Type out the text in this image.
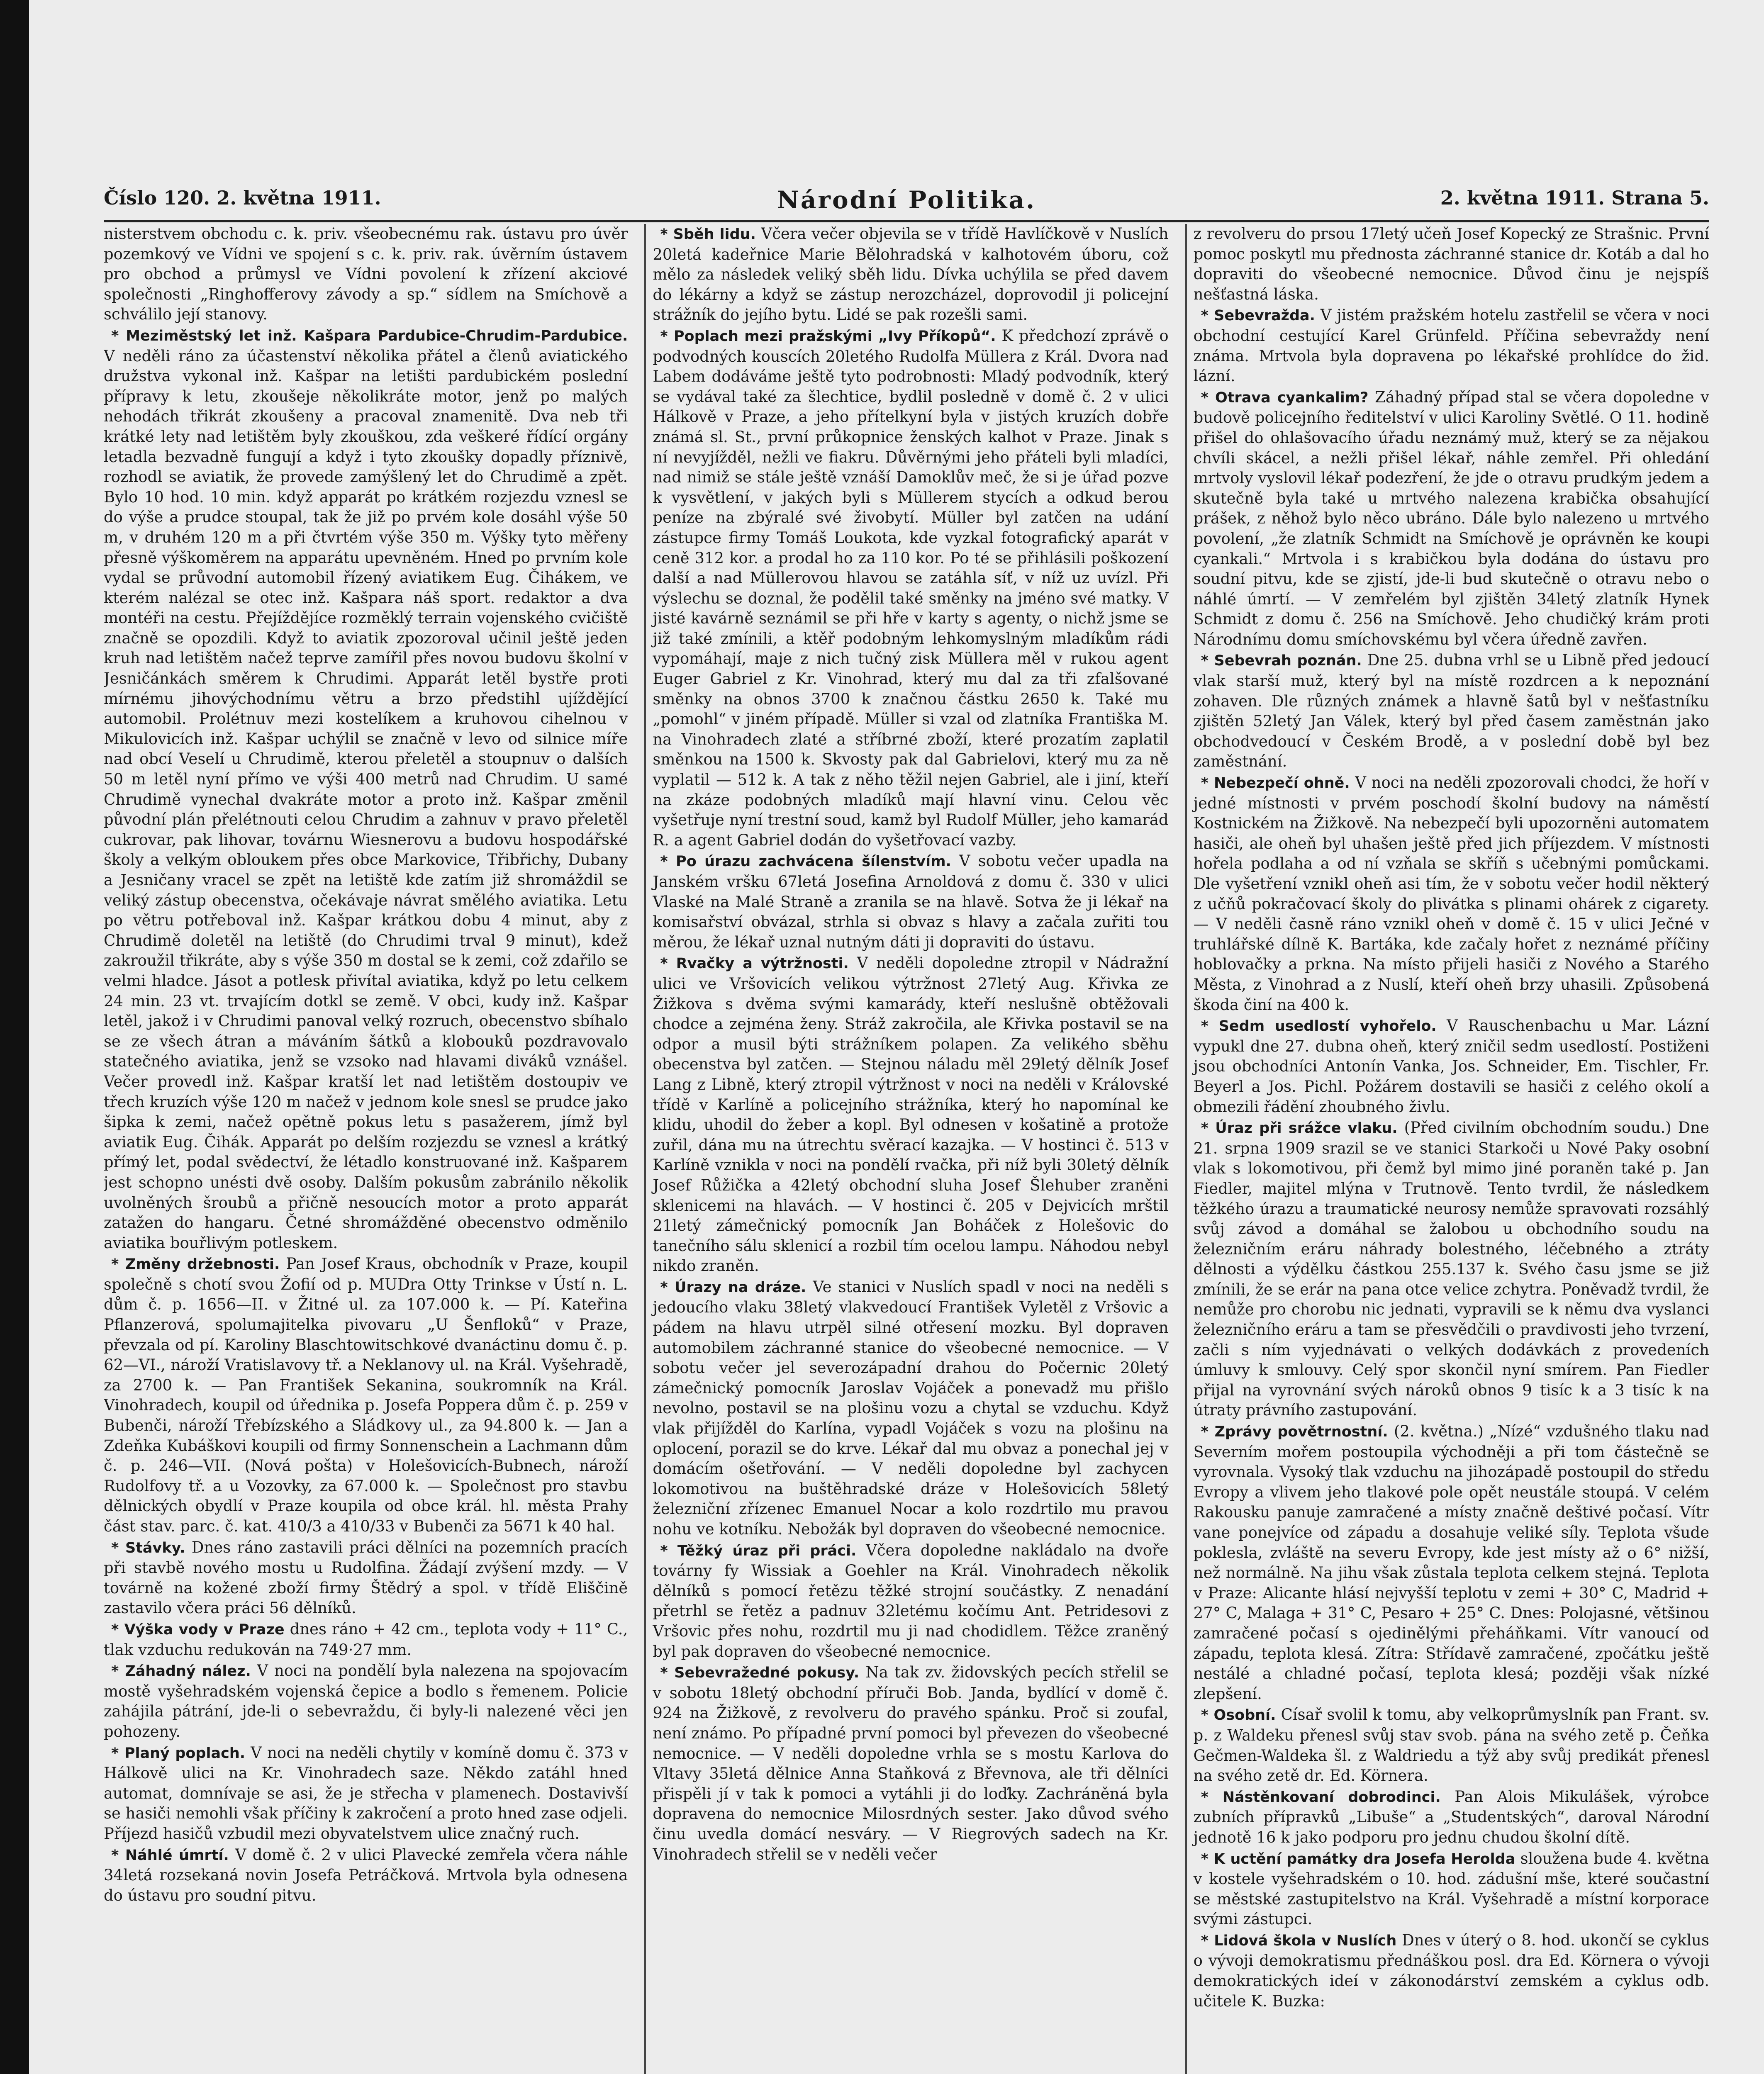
Číslo 120. 2. května 1911.	Národní Politika.	2. května 1911. Strana 5.

nisterstvem obchodu c. k. priv. všeobecnému rak. ústavu pro úvěr pozemkový ve Vídni ve spojení s c. k. priv. rak. úvěrním ústavem pro obchod a průmysl ve Vídni povolení k zřízení akciové společnosti „Ringhofferovy závody a sp.“ sídlem na Smíchově a schválilo její stanovy.

* Meziměstský let inž. Kašpara Pardubice-Chrudim-Pardubice. V neděli ráno za účastenství několika přátel a členů aviatického družstva vykonal inž. Kašpar na letišti pardubickém poslední přípravy k letu, zkoušeje několikráte motor, jenž po malých nehodách třikrát zkoušeny a pracoval znamenitě. Dva neb tři krátké lety nad letištěm byly zkouškou, zda veškeré řídící orgány letadla bezvadně fungují a když i tyto zkoušky dopadly příznivě, rozhodl se aviatik, že provede zamýšlený let do Chrudimě a zpět. Bylo 10 hod. 10 min. když apparát po krátkém rozjezdu vznesl se do výše a prudce stoupal, tak že již po prvém kole dosáhl výše 50 m, v druhém 120 m a při čtvrtém výše 350 m. Výšky tyto měřeny přesně výškoměrem na apparátu upevněném. Hned po prvním kole vydal se průvodní automobil řízený aviatikem Eug. Čihákem, ve kterém nalézal se otec inž. Kašpara náš sport. redaktor a dva montéři na cestu. Přejíždějíce rozměklý terrain vojenského cvičiště značně se opozdili. Když to aviatik zpozoroval učinil ještě jeden kruh nad letištěm načež teprve zamířil přes novou budovu školní v Jesničánkách směrem k Chrudimi. Apparát letěl bystře proti mírnému jihovýchodnímu větru a brzo předstihl ujíždějící automobil. Prolétnuv mezi kostelíkem a kruhovou cihelnou v Mikulovicích inž. Kašpar uchýlil se značně v levo od silnice míře nad obcí Veselí u Chrudimě, kterou přeletěl a stoupnuv o dalších 50 m letěl nyní přímo ve výši 400 metrů nad Chrudim. U samé Chrudimě vynechal dvakráte motor a proto inž. Kašpar změnil původní plán přelétnouti celou Chrudim a zahnuv v pravo přeletěl cukrovar, pak lihovar, továrnu Wiesnerovu a budovu hospodářské školy a velkým obloukem přes obce Markovice, Třibřichy, Dubany a Jesničany vracel se zpět na letiště kde zatím již shromáždil se veliký zástup obecenstva, očekávaje návrat smělého aviatika. Letu po větru potřeboval inž. Kašpar krátkou dobu 4 minut, aby z Chrudimě doletěl na letiště (do Chrudimi trval 9 minut), kdež zakroužil třikráte, aby s výše 350 m dostal se k zemi, což zdařilo se velmi hladce. Jásot a potlesk přivítal aviatika, když po letu celkem 24 min. 23 vt. trvajícím dotkl se země. V obci, kudy inž. Kašpar letěl, jakož i v Chrudimi panoval velký rozruch, obecenstvo sbíhalo se ze všech átran a máváním šátků a klobouků pozdravovalo statečného aviatika, jenž se vzsoko nad hlavami diváků vznášel. Večer provedl inž. Kašpar kratší let nad letištěm dostoupiv ve třech kruzích výše 120 m načež v jednom kole snesl se prudce jako šipka k zemi, načež opětně pokus letu s pasažerem, jímž byl aviatik Eug. Čihák. Apparát po delším rozjezdu se vznesl a krátký přímý let, podal svědectví, že létadlo konstruované inž. Kašparem jest schopno unésti dvě osoby. Dalším pokusům zabránilo několik uvolněných šroubů a přičně nesoucích motor a proto apparát zatažen do hangaru. Četné shromážděné obecenstvo odměnilo aviatika bouřlivým potleskem.

* Změny držebnosti. Pan Josef Kraus, obchodník v Praze, koupil společně s chotí svou Žofií od p. MUDra Otty Trinkse v Ústí n. L. dům č. p. 1656—II. v Žitné ul. za 107.000 k. — Pí. Kateřina Pflanzerová, spolumajitelka pivovaru „U Šenfloků“ v Praze, převzala od pí. Karoliny Blaschtowitschkové dvanáctinu domu č. p. 62—VI., nároží Vratislavovy tř. a Neklanovy ul. na Král. Vyšehradě, za 2700 k. — Pan František Sekanina, soukromník na Král. Vinohradech, koupil od úřednika p. Josefa Poppera dům č. p. 259 v Bubenči, nároží Třebízského a Sládkovy ul., za 94.800 k. — Jan a Zdeňka Kubáškovi koupili od firmy Sonnenschein a Lachmann dům č. p. 246—VII. (Nová pošta) v Holešovicích-Bubnech, nároží Rudolfovy tř. a u Vozovky, za 67.000 k. — Společnost pro stavbu dělnických obydlí v Praze koupila od obce král. hl. města Prahy část stav. parc. č. kat. 410/3 a 410/33 v Bubenči za 5671 k 40 hal.

* Stávky. Dnes ráno zastavili práci dělníci na pozemních pracích při stavbě nového mostu u Rudolfina. Žádají zvýšení mzdy. — V továrně na kožené zboží firmy Štědrý a spol. v třídě Eliščině zastavilo včera práci 56 dělníků.

* Výška vody v Praze dnes ráno + 42 cm., teplota vody + 11° C., tlak vzduchu redukován na 749·27 mm.

* Záhadný nález. V noci na pondělí byla nalezena na spojovacím mostě vyšehradském vojenská čepice a bodlo s řemenem. Policie zahájila pátrání, jde-li o sebevraždu, či byly-li nalezené věci jen pohozeny.

* Planý poplach. V noci na neděli chytily v komíně domu č. 373 v Hálkově ulici na Kr. Vinohradech saze. Někdo zatáhl hned automat, domnívaje se asi, že je střecha v plamenech. Dostavivší se hasiči nemohli však příčiny k zakročení a proto hned zase odjeli. Příjezd hasičů vzbudil mezi obyvatelstvem ulice značný ruch.

* Náhlé úmrtí. V domě č. 2 v ulici Plavecké zemřela včera náhle 34letá rozsekaná novin Josefa Petráčková. Mrtvola byla odnesena do ústavu pro soudní pitvu.

* Sběh lidu. Včera večer objevila se v třídě Havlíčkově v Nuslích 20letá kadeřnice Marie Bělohradská v kalhotovém úboru, což mělo za následek veliký sběh lidu. Dívka uchýlila se před davem do lékárny a když se zástup nerozcházel, doprovodil ji policejní strážník do jejího bytu. Lidé se pak rozešli sami.

* Poplach mezi pražskými „Ivy Příkopů“. K předchozí zprávě o podvodných kouscích 20letého Rudolfa Müllera z Král. Dvora nad Labem dodáváme ještě tyto podrobnosti: Mladý podvodník, který se vydával také za šlechtice, bydlil posledně v domě č. 2 v ulici Hálkově v Praze, a jeho přítelkyní byla v jistých kruzích dobře známá sl. St., první průkopnice ženských kalhot v Praze. Jinak s ní nevyjížděl, nežli ve fiakru. Důvěrnými jeho přáteli byli mladíci, nad nimiž se stále ještě vznáší Damoklův meč, že si je úřad pozve k vysvětlení, v jakých byli s Müllerem stycích a odkud berou peníze na zbýralé své živobytí. Müller byl zatčen na udání zástupce firmy Tomáš Loukota, kde vyzkal fotografický aparát v ceně 312 kor. a prodal ho za 110 kor. Po té se přihlásili poškození další a nad Müllerovou hlavou se zatáhla síť, v níž uz uvízl. Při výslechu se doznal, že podělil také směnky na jméno své matky. V jisté kavárně seznámil se při hře v karty s agenty, o nichž jsme se již také zmínili, a ktěř podobným lehkomyslným mladíkům rádi vypomáhají, maje z nich tučný zisk Müllera měl v rukou agent Euger Gabriel z Kr. Vinohrad, který mu dal za tři zfalšované směnky na obnos 3700 k značnou částku 2650 k. Také mu „pomohl“ v jiném případě. Müller si vzal od zlatníka Františka M. na Vinohradech zlaté a stříbrné zboží, které prozatím zaplatil směnkou na 1500 k. Skvosty pak dal Gabrielovi, který mu za ně vyplatil — 512 k. A tak z něho těžil nejen Gabriel, ale i jiní, kteří na zkáze podobných mladíků mají hlavní vinu. Celou věc vyšetřuje nyní trestní soud, kamž byl Rudolf Müller, jeho kamarád R. a agent Gabriel dodán do vyšetřovací vazby.

* Po úrazu zachvácena šílenstvím. V sobotu večer upadla na Janském vršku 67letá Josefina Arnoldová z domu č. 330 v ulici Vlaské na Malé Straně a zranila se na hlavě. Sotva že ji lékař na komisařství obvázal, strhla si obvaz s hlavy a začala zuřiti tou měrou, že lékař uznal nutným dáti ji dopraviti do ústavu.

* Rvačky a výtržnosti. V neděli dopoledne ztropil v Nádražní ulici ve Vršovicích velikou výtržnost 27letý Aug. Křivka ze Žižkova s dvěma svými kamarády, kteří neslušně obtěžovali chodce a zejména ženy. Stráž zakročila, ale Křivka postavil se na odpor a musil býti strážníkem polapen. Za velikého sběhu obecenstva byl zatčen. — Stejnou náladu měl 29letý dělník Josef Lang z Libně, který ztropil výtržnost v noci na neděli v Královské třídě v Karlíně a policejního strážníka, který ho napomínal ke klidu, uhodil do žeber a kopl. Byl odnesen v košatině a protože zuřil, dána mu na útrechtu svěrací kazajka. — V hostinci č. 513 v Karlíně vznikla v noci na pondělí rvačka, při níž byli 30letý dělník Josef Růžička a 42letý obchodní sluha Josef Šlehuber zraněni sklenicemi na hlavách. — V hostinci č. 205 v Dejvicích mrštil 21letý zámečnický pomocník Jan Boháček z Holešovic do tanečního sálu sklenicí a rozbil tím ocelou lampu. Náhodou nebyl nikdo zraněn.

* Úrazy na dráze. Ve stanici v Nuslích spadl v noci na neděli s jedoucího vlaku 38letý vlakvedoucí František Vyletěl z Vršovic a pádem na hlavu utrpěl silné otřesení mozku. Byl dopraven automobilem záchranné stanice do všeobecné nemocnice. — V sobotu večer jel severozápadní drahou do Počernic 20letý zámečnický pomocník Jaroslav Vojáček a ponevadž mu přišlo nevolno, postavil se na plošinu vozu a chytal se vzduchu. Když vlak přijížděl do Karlína, vypadl Vojáček s vozu na plošinu na oplocení, porazil se do krve. Lékař dal mu obvaz a ponechal jej v domácím ošetřování. — V neděli dopoledne byl zachycen lokomotivou na buštěhradské dráze v Holešovicích 58letý železniční zřízenec Emanuel Nocar a kolo rozdrtilo mu pravou nohu ve kotníku. Nebožák byl dopraven do všeobecné nemocnice.

* Těžký úraz při práci. Včera dopoledne nakládalo na dvoře továrny fy Wissiak a Goehler na Král. Vinohradech několik dělníků s pomocí řetězu těžké strojní součástky. Z nenadání přetrhl se řetěz a padnuv 32letému kočímu Ant. Petridesovi z Vršovic přes nohu, rozdrtil mu ji nad chodidlem. Těžce zraněný byl pak dopraven do všeobecné nemocnice.

* Sebevražedné pokusy. Na tak zv. židovských pecích střelil se v sobotu 18letý obchodní příruči Bob. Janda, bydlící v domě č. 924 na Žižkově, z revolveru do pravého spánku. Proč si zoufal, není známo. Po případné první pomoci byl převezen do všeobecné nemocnice. — V neděli dopoledne vrhla se s mostu Karlova do Vltavy 35letá dělnice Anna Staňková z Břevnova, ale tři dělníci přispěli jí v tak k pomoci a vytáhli ji do loďky. Zachráněná byla dopravena do nemocnice Milosrdných sester. Jako důvod svého činu uvedla domácí nesváry. — V Riegrových sadech na Kr. Vinohradech střelil se v neděli večer

z revolveru do prsou 17letý učeň Josef Kopecký ze Strašnic. První pomoc poskytl mu přednosta záchranné stanice dr. Kotáb a dal ho dopraviti do všeobecné nemocnice. Důvod činu je nejspíš nešťastná láska.

* Sebevražda. V jistém pražském hotelu zastřelil se včera v noci obchodní cestující Karel Grünfeld. Příčina sebevraždy není známa. Mrtvola byla dopravena po lékařské prohlídce do žid. lázní.

* Otrava cyankalim? Záhadný případ stal se včera dopoledne v budově policejního ředitelství v ulici Karoliny Světlé. O 11. hodině přišel do ohlašovacího úřadu neznámý muž, který se za nějakou chvíli skácel, a nežli přišel lékař, náhle zemřel. Při ohledání mrtvoly vyslovil lékař podezření, že jde o otravu prudkým jedem a skutečně byla také u mrtvého nalezena krabička obsahující prášek, z něhož bylo něco ubráno. Dále bylo nalezeno u mrtvého povolení, „že zlatník Schmidt na Smíchově je oprávněn ke koupi cyankali.“ Mrtvola i s krabičkou byla dodána do ústavu pro soudní pitvu, kde se zjistí, jde-li bud skutečně o otravu nebo o náhlé úmrtí. — V zemřelém byl zjištěn 34letý zlatník Hynek Schmidt z domu č. 256 na Smíchově. Jeho chudičký krám proti Národnímu domu smíchovskému byl včera úředně zavřen.

* Sebevrah poznán. Dne 25. dubna vrhl se u Libně před jedoucí vlak starší muž, který byl na místě rozdrcen a k nepoznání zohaven. Dle různých známek a hlavně šatů byl v nešťastníku zjištěn 52letý Jan Válek, který byl před časem zaměstnán jako obchodvedoucí v Českém Brodě, a v poslední době byl bez zaměstnání.

* Nebezpečí ohně. V noci na neděli zpozorovali chodci, že hoří v jedné místnosti v prvém poschodí školní budovy na náměstí Kostnickém na Žižkově. Na nebezpečí byli upozorněni automatem hasiči, ale oheň byl uhašen ještě před jich příjezdem. V místnosti hořela podlaha a od ní vzňala se skříň s učebnými pomůckami. Dle vyšetření vznikl oheň asi tím, že v sobotu večer hodil některý z učňů pokračovací školy do plivátka s plinami ohárek z cigarety. — V neděli časně ráno vznikl oheň v domě č. 15 v ulici Ječné v truhlářské dílně K. Bartáka, kde začaly hořet z neznámé příčiny hoblovačky a prkna. Na místo přijeli hasiči z Nového a Starého Města, z Vinohrad a z Nuslí, kteří oheň brzy uhasili. Způsobená škoda činí na 400 k.

* Sedm usedlostí vyhořelo. V Rauschenbachu u Mar. Lázní vypukl dne 27. dubna oheň, který zničil sedm usedlostí. Postiženi jsou obchodníci Antonín Vanka, Jos. Schneider, Em. Tischler, Fr. Beyerl a Jos. Pichl. Požárem dostavili se hasiči z celého okolí a obmezili řádění zhoubného živlu.

* Úraz při srážce vlaku. (Před civilním obchodním soudu.) Dne 21. srpna 1909 srazil se ve stanici Starkoči u Nové Paky osobní vlak s lokomotivou, při čemž byl mimo jiné poraněn také p. Jan Fiedler, majitel mlýna v Trutnově. Tento tvrdil, že následkem těžkého úrazu a traumatické neurosy nemůže spravovati rozsáhlý svůj závod a domáhal se žalobou u obchodního soudu na železničním eráru náhrady bolestného, léčebného a ztráty dělnosti a výdělku částkou 255.137 k. Svého času jsme se již zmínili, že se erár na pana otce velice zchytra. Poněvadž tvrdil, že nemůže pro chorobu nic jednati, vypravili se k němu dva vyslanci železničního eráru a tam se přesvědčili o pravdivosti jeho tvrzení, začli s ním vyjednávati o velkých dodávkách z provedeních úmluvy k smlouvy. Celý spor skončil nyní smírem. Pan Fiedler přijal na vyrovnání svých nároků obnos 9 tisíc k a 3 tisíc k na útraty právního zastupování.

* Zprávy povětrnostní. (2. května.) „Nízé“ vzdušného tlaku nad Severním mořem postoupila východněji a při tom částečně se vyrovnala. Vysoký tlak vzduchu na jihozápadě postoupil do středu Evropy a vlivem jeho tlakové pole opět neustále stoupá. V celém Rakousku panuje zamračené a místy značně deštivé počasí. Vítr vane ponejvíce od západu a dosahuje veliké síly. Teplota všude poklesla, zvláště na severu Evropy, kde jest místy až o 6° nižší, než normálně. Na jihu však zůstala teplota celkem stejná. Teplota v Praze: Alicante hlásí nejvyšší teplotu v zemi + 30° C, Madrid + 27° C, Malaga + 31° C, Pesaro + 25° C. Dnes: Polojasné, většinou zamračené počasí s ojedinělými přeháňkami. Vítr vanoucí od západu, teplota klesá. Zítra: Střídavě zamračené, zpočátku ještě nestálé a chladné počasí, teplota klesá; později však nízké zlepšení.

* Osobní. Císař svolil k tomu, aby velkoprůmyslník pan Frant. sv. p. z Waldeku přenesl svůj stav svob. pána na svého zetě p. Čeňka Gečmen-Waldeka šl. z Waldriedu a týž aby svůj predikát přenesl na svého zetě dr. Ed. Körnera.

* Nástěnkovaní dobrodinci. Pan Alois Mikulášek, výrobce zubních přípravků „Libuše“ a „Studentských“, daroval Národní jednotě 16 k jako podporu pro jednu chudou školní dítě.

* K uctění památky dra Josefa Herolda sloužena bude 4. května v kostele vyšehradském o 10. hod. zádušní mše, které součastní se městské zastupitelstvo na Král. Vyšehradě a místní korporace svými zástupci.

* Lidová škola v Nuslích Dnes v úterý o 8. hod. ukončí se cyklus o vývoji demokratismu přednáškou posl. dra Ed. Körnera o vývoji demokratických ideí v zákonodárství zemském a cyklus odb. učitele K. Buzka:
